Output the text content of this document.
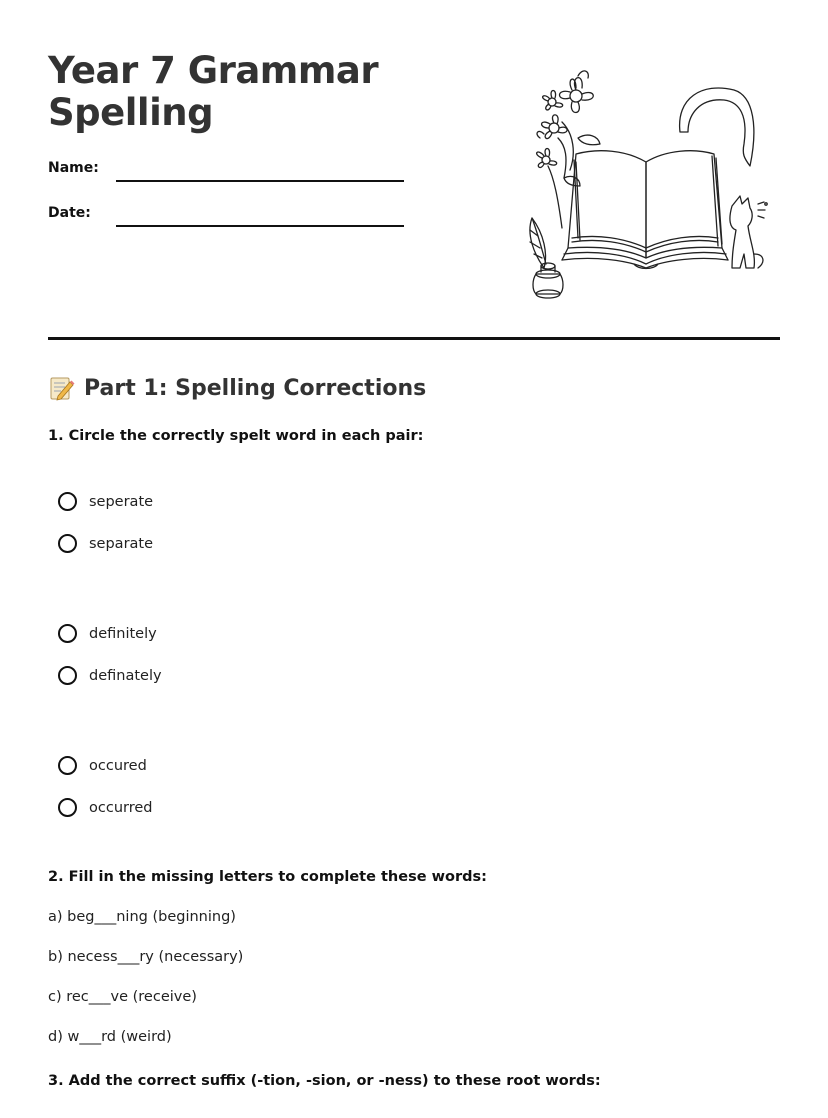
Year 7 Grammar
Spelling
Name:
Date:
Part 1: Spelling Corrections
1. Circle the correctly spelt word in each pair:
seperate
separate
definitely
definately
occured
occurred
2. Fill in the missing letters to complete these words:
a) beg___ning (beginning)
b) necess___ry (necessary)
c) rec___ve (receive)
d) w___rd (weird)
3. Add the correct suffix (-tion, -sion, or -ness) to these root words:
